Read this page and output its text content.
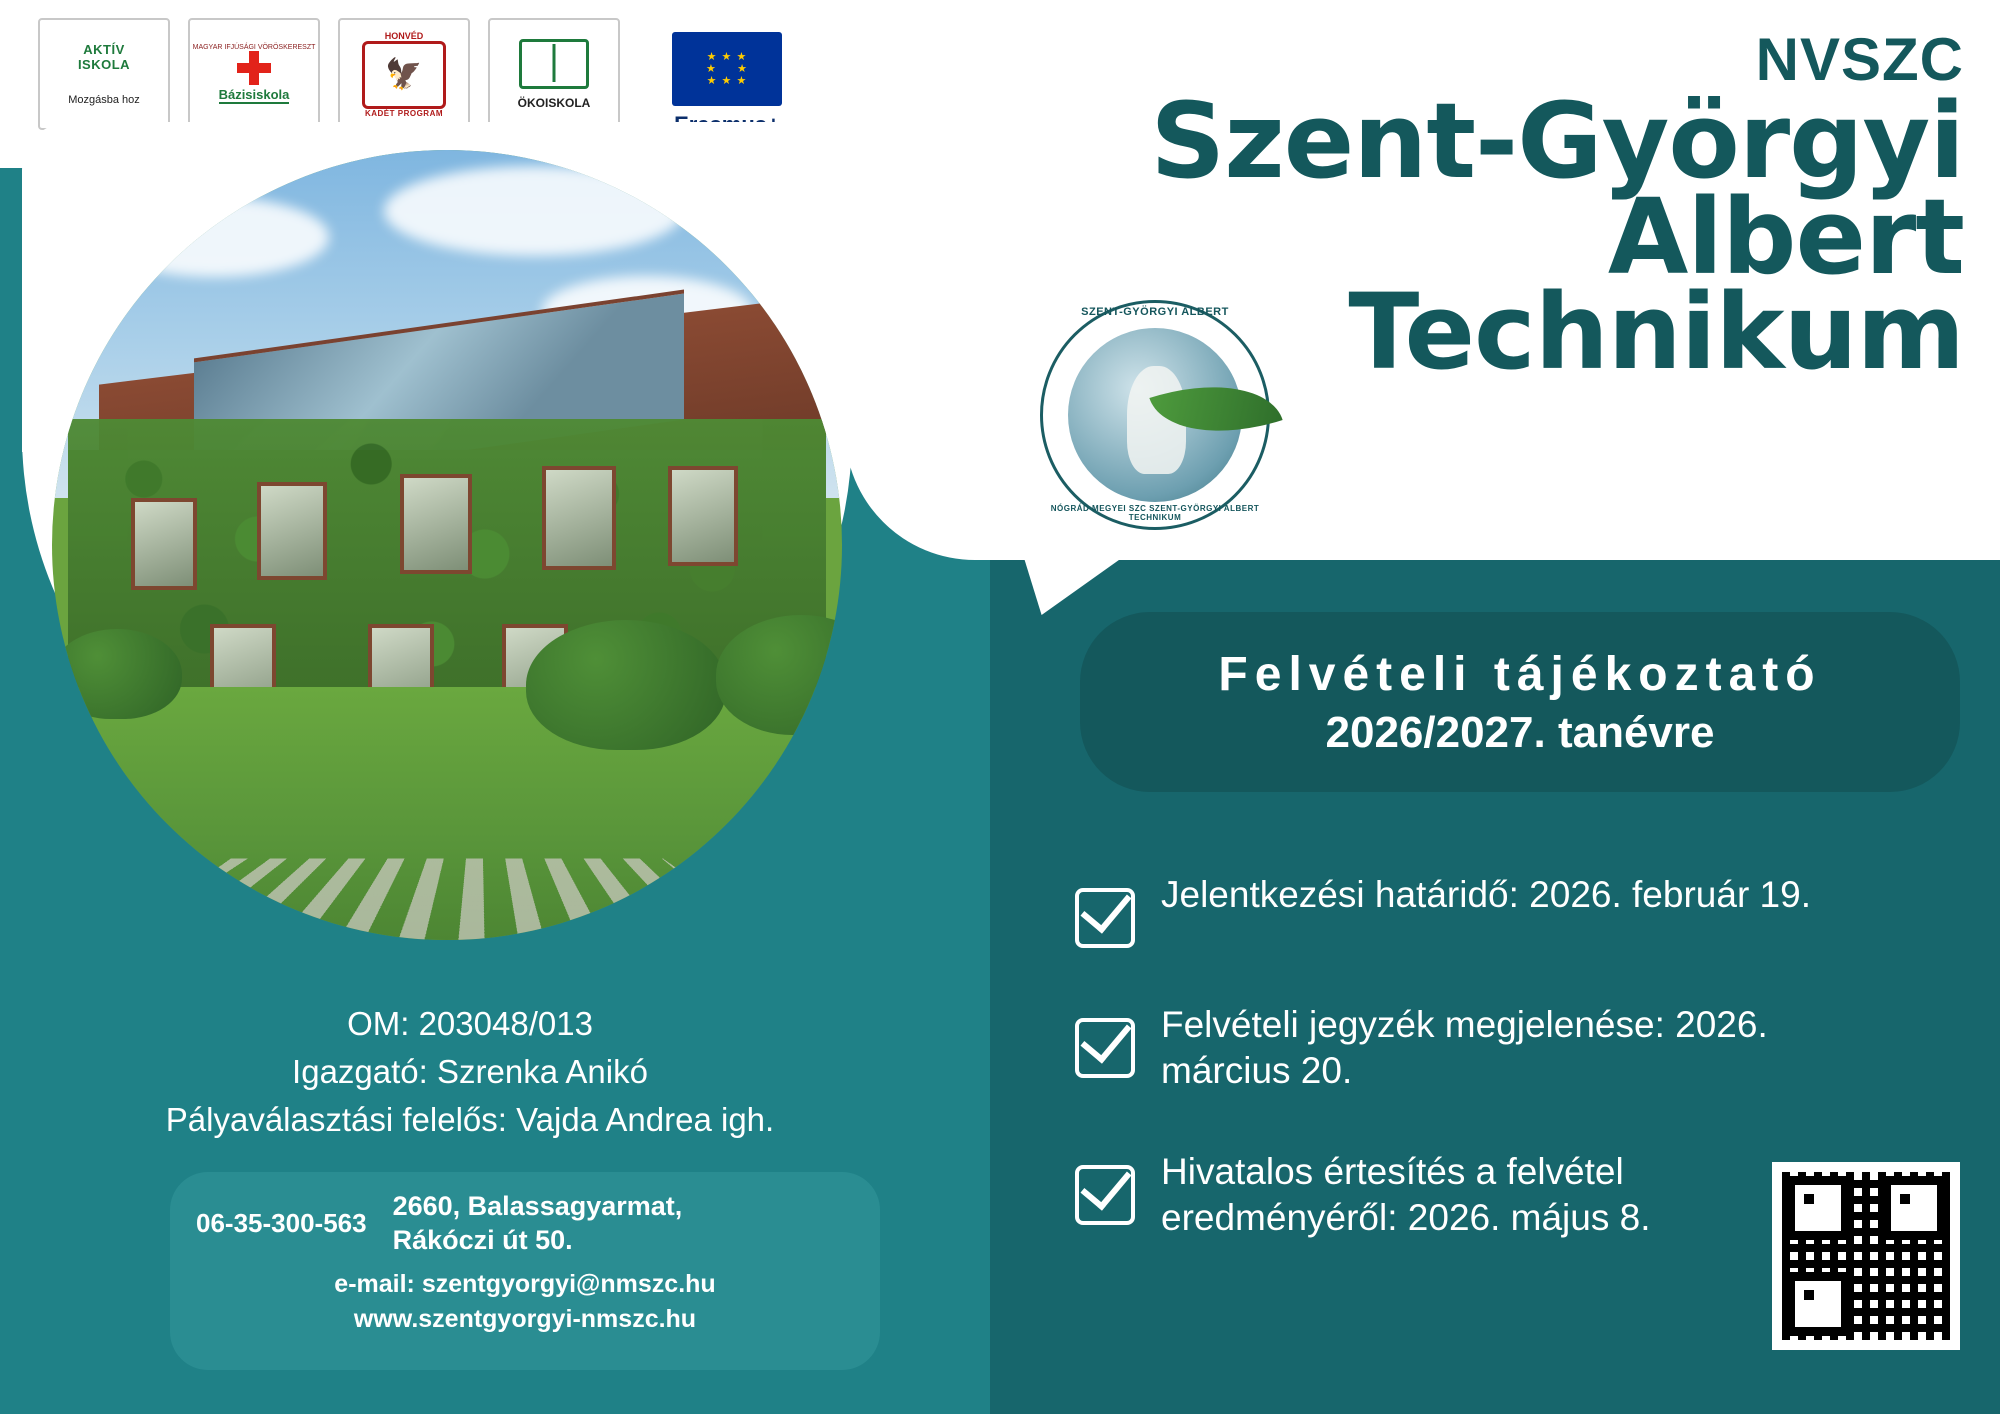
AKTÍV
ISKOLA
Mozgásba hoz
MAGYAR IFJÚSÁGI VÖRÖSKERESZT
Bázisiskola
HONVÉD
🦅
KADÉT PROGRAM
ÖKOISKOLA
★ ★ ★
★     ★
★ ★ ★	NVSZC
Szent-Györgyi
Albert
Technikum
SZENT-GYÖRGYI ALBERT
NÓGRÁD MEGYEI SZC SZENT-GYÖRGYI ALBERT TECHNIKUM
Felvételi tájékoztató
2026/2027. tanévre
Jelentkezési határidő: 2026. február 19.
Felvételi jegyzék megjelenése: 2026. március 20.
Hivatalos értesítés a felvétel eredményéről: 2026. május 8.
OM: 203048/013
Igazgató: Szrenka Anikó
Pályaválasztási felelős: Vajda Andrea igh.
06-35-300-563
2660, Balassagyarmat,
Rákóczi út 50.
e-mail: szentgyorgyi@nmszc.hu
www.szentgyorgyi-nmszc.hu
